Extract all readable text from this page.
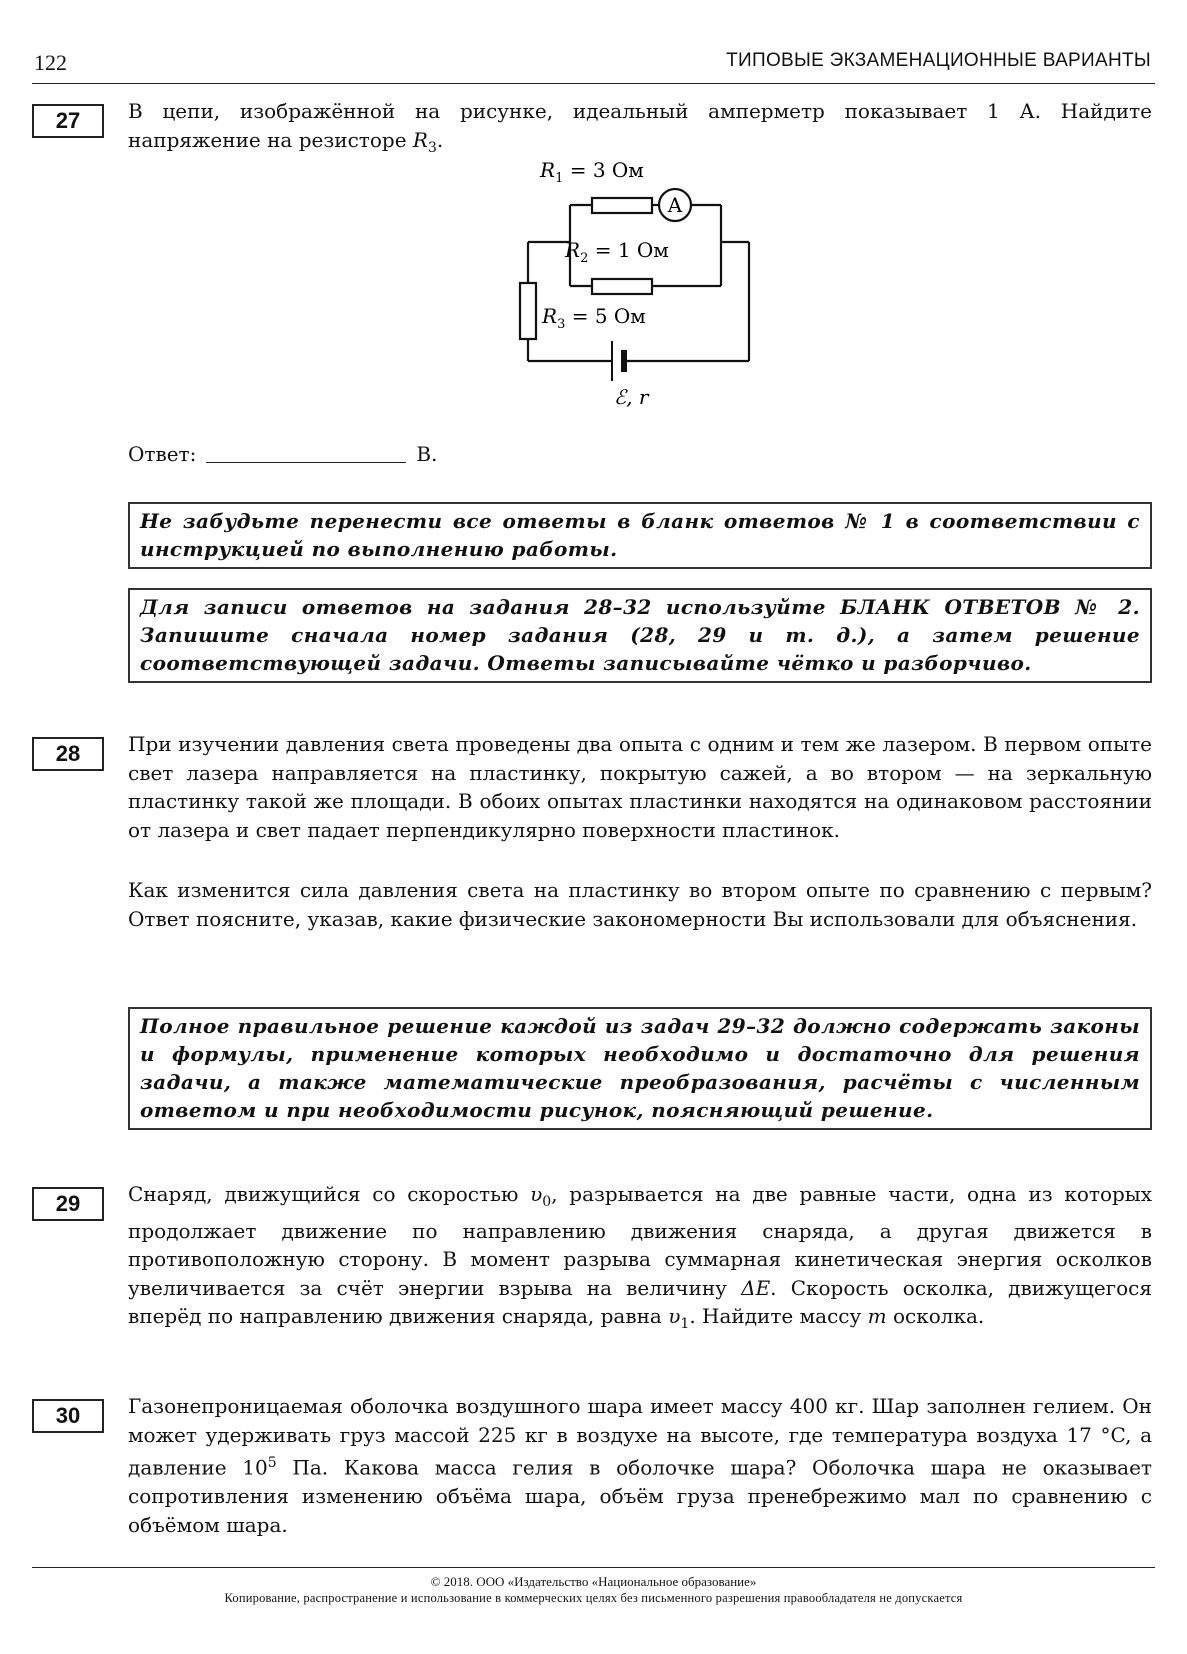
122	ТИПОВЫЕ ЭКЗАМЕНАЦИОННЫЕ ВАРИАНТЫ
27	В цепи, изображённой на рисунке, идеальный амперметр показывает 1 А. Найдите напряжение на резисторе $R_3$.
$R_1 = 3$ Ом
A
$R_2 = 1$ Ом
$R_3 = 5$ Ом
ℰ, r
Ответ:	В.
Не забудьте перенести все ответы в бланк ответов № 1 в соответствии с инструкцией по выполнению работы.
Для записи ответов на задания 28–32 используйте БЛАНК ОТВЕТОВ № 2. Запишите сначала номер задания (28, 29 и т. д.), а затем решение соответствующей задачи. Ответы записывайте чётко и разборчиво.
28	При изучении давления света проведены два опыта с одним и тем же лазером. В первом опыте свет лазера направляется на пластинку, покрытую сажей, а во втором — на зеркальную пластинку такой же площади. В обоих опытах пластинки находятся на одинаковом расстоянии от лазера и свет падает перпендикулярно поверхности пластинок.
Как изменится сила давления света на пластинку во втором опыте по сравнению с первым? Ответ поясните, указав, какие физические закономерности Вы использовали для объяснения.
Полное правильное решение каждой из задач 29–32 должно содержать законы и формулы, применение которых необходимо и достаточно для решения задачи, а также математические преобразования, расчёты с численным ответом и при необходимости рисунок, поясняющий решение.
29	Снаряд, движущийся со скоростью $\upsilon_0$, разрывается на две равные части, одна из которых продолжает движение по направлению движения снаряда, а другая движется в противоположную сторону. В момент разрыва суммарная кинетическая энергия осколков увеличивается за счёт энергии взрыва на величину ΔE. Скорость осколка, движущегося вперёд по направлению движения снаряда, равна $\upsilon_1$. Найдите массу m осколка.
30	Газонепроницаемая оболочка воздушного шара имеет массу 400 кг. Шар заполнен гелием. Он может удерживать груз массой 225 кг в воздухе на высоте, где температура воздуха 17 °C, а давление $10^5$ Па. Какова масса гелия в оболочке шара? Оболочка шара не оказывает сопротивления изменению объёма шара, объём груза пренебрежимо мал по сравнению с объёмом шара.
© 2018. ООО «Издательство «Национальное образование»
Копирование, распространение и использование в коммерческих целях без письменного разрешения правообладателя не допускается
